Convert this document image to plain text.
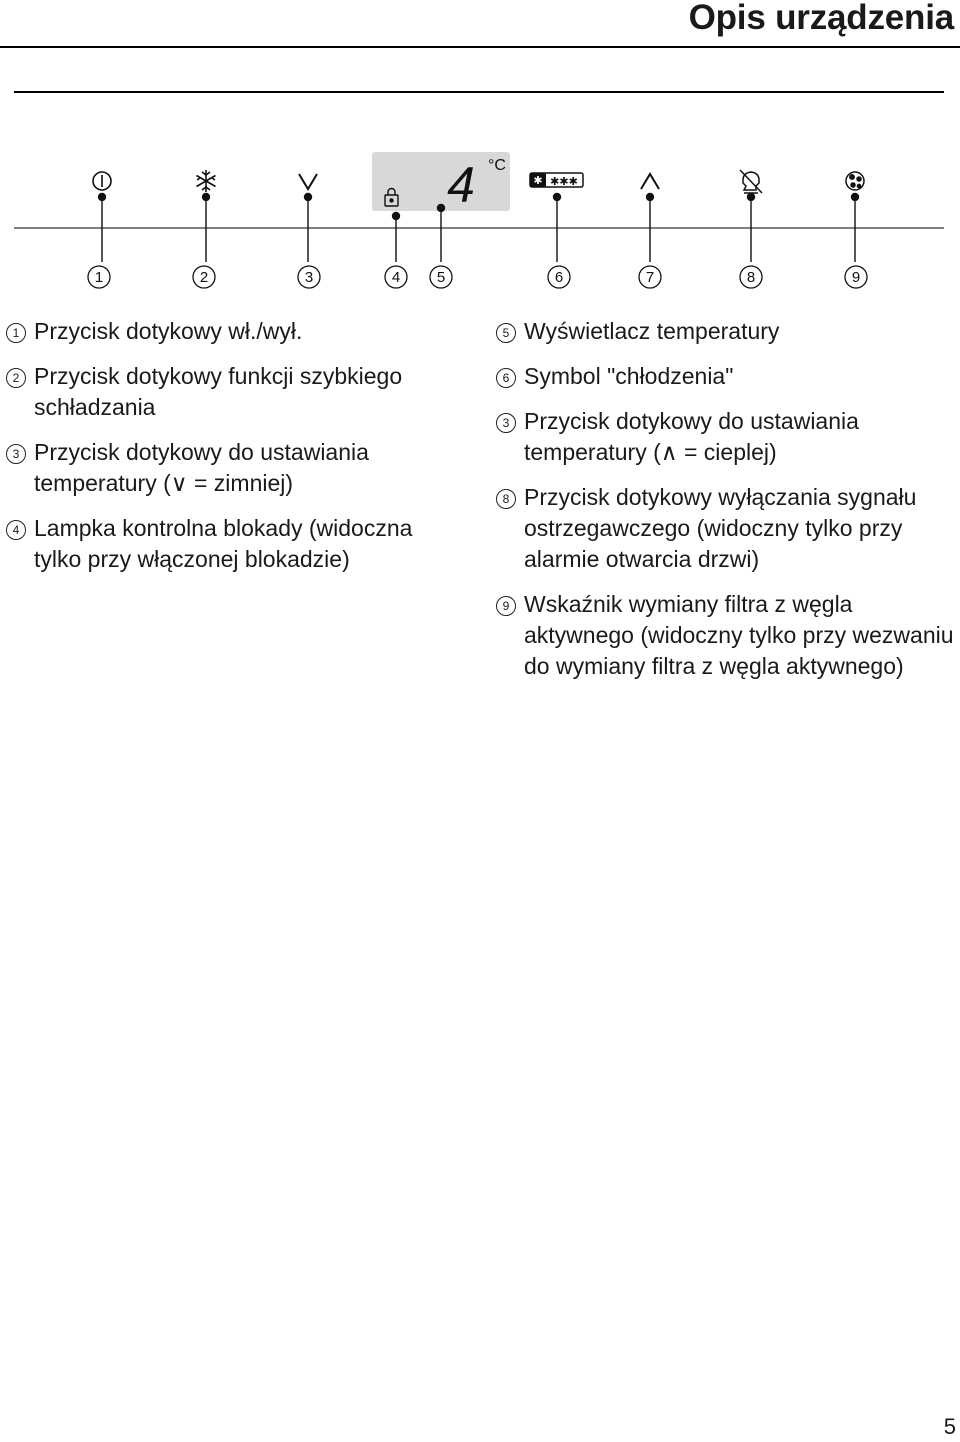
Opis urządzenia
4 °C
✱ ✱✱✱
1	2	3	4 5	6	7	8	9
1 Przycisk dotykowy wł./wył.
2 Przycisk dotykowy funkcji szybkiego schładzania
3 Przycisk dotykowy do ustawiania temperatury (∨ = zimniej)
4 Lampka kontrolna blokady (widoczna tylko przy włączonej blokadzie)
5 Wyświetlacz temperatury
6 Symbol "chłodzenia"
3 Przycisk dotykowy do ustawiania temperatury (∧ = cieplej)
8 Przycisk dotykowy wyłączania sygnału ostrzegawczego (widoczny tylko przy alarmie otwarcia drzwi)
9 Wskaźnik wymiany filtra z węgla aktywnego (widoczny tylko przy wezwaniu do wymiany filtra z węgla aktywnego)
5
